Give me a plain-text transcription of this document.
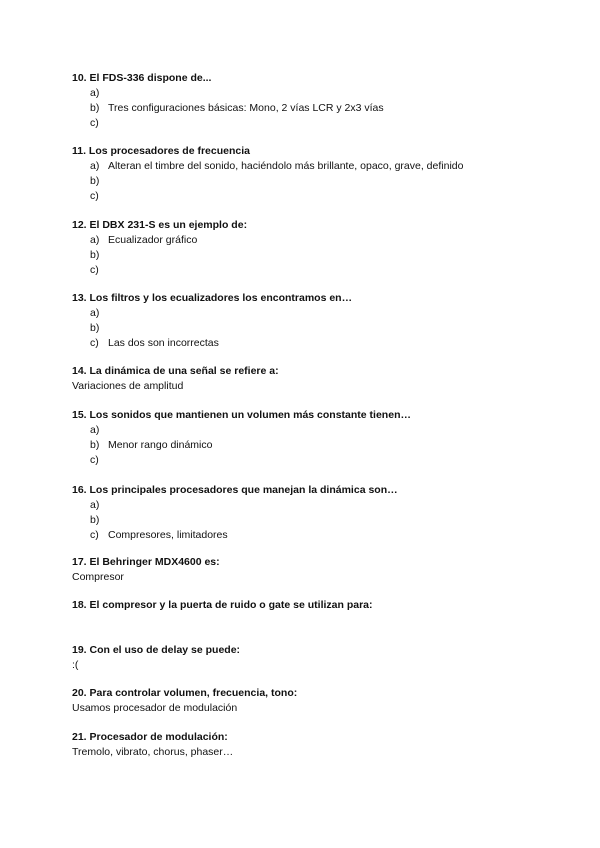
10. El FDS-336 dispone de...
a)
b) Tres configuraciones básicas: Mono, 2 vías LCR y 2x3 vías
c)
11. Los procesadores de frecuencia
a) Alteran el timbre del sonido, haciéndolo más brillante, opaco, grave, definido
b)
c)
12. El DBX 231-S es un ejemplo de:
a) Ecualizador gráfico
b)
c)
13. Los filtros y los ecualizadores los encontramos en…
a)
b)
c) Las dos son incorrectas
14. La dinámica de una señal se refiere a:
Variaciones de amplitud
15. Los sonidos que mantienen un volumen más constante tienen…
a)
b) Menor rango dinámico
c)
16. Los principales procesadores que manejan la dinámica son…
a)
b)
c) Compresores, limitadores
17. El Behringer MDX4600 es:
Compresor
18. El compresor y la puerta de ruido o gate se utilizan para:
19. Con el uso de delay se puede:
:(
20. Para controlar volumen, frecuencia, tono:
Usamos procesador de modulación
21. Procesador de modulación:
Tremolo, vibrato, chorus, phaser…
